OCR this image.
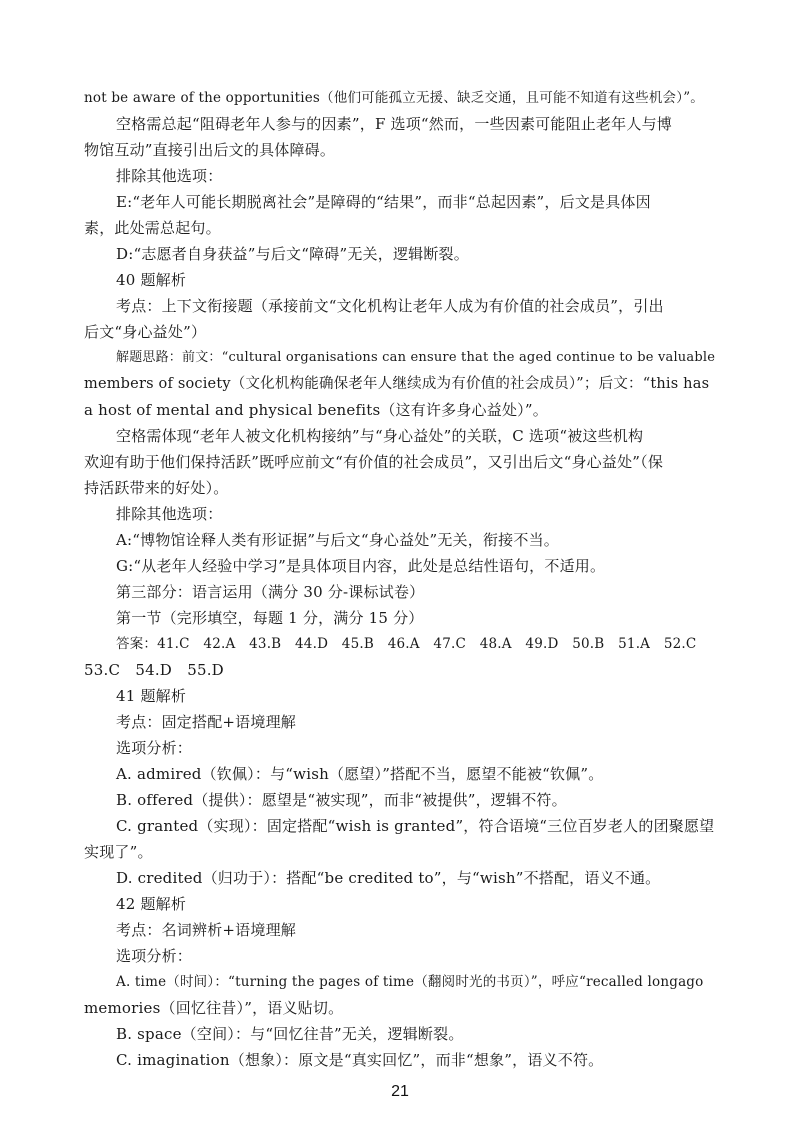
not be aware of the opportunities（他们可能孤立无援、缺乏交通，且可能不知道有这些机会）”。
空格需总起“阻碍老年人参与的因素”，F 选项“然而，一些因素可能阻止老年人与博
物馆互动”直接引出后文的具体障碍。
排除其他选项：
E:“老年人可能长期脱离社会”是障碍的“结果”，而非“总起因素”，后文是具体因
素，此处需总起句。
D:“志愿者自身获益”与后文“障碍”无关，逻辑断裂。
40 题解析
考点：上下文衔接题（承接前文“文化机构让老年人成为有价值的社会成员”，引出
后文“身心益处”）
解题思路：前文：“cultural organisations can ensure that the aged continue to be valuable
members of society（文化机构能确保老年人继续成为有价值的社会成员）”；后文：“this has
a host of mental and physical benefits（这有许多身心益处）”。
空格需体现“老年人被文化机构接纳”与“身心益处”的关联，C 选项“被这些机构
欢迎有助于他们保持活跃”既呼应前文“有价值的社会成员”，又引出后文“身心益处”（保
持活跃带来的好处）。
排除其他选项：
A:“博物馆诠释人类有形证据”与后文“身心益处”无关，衔接不当。
G:“从老年人经验中学习”是具体项目内容，此处是总结性语句，不适用。
第三部分：语言运用（满分 30 分-课标试卷）
第一节（完形填空，每题 1 分，满分 15 分）
答案：41.C　42.A　43.B　44.D　45.B　46.A　47.C　48.A　49.D　50.B　51.A　52.C
53.C　54.D　55.D
41 题解析
考点：固定搭配+语境理解
选项分析：
A. admired（钦佩）：与“wish（愿望）”搭配不当，愿望不能被“钦佩”。
B. offered（提供）：愿望是“被实现”，而非“被提供”，逻辑不符。
C. granted（实现）：固定搭配“wish is granted”，符合语境“三位百岁老人的团聚愿望
实现了”。
D. credited（归功于）：搭配“be credited to”，与“wish”不搭配，语义不通。
42 题解析
考点：名词辨析+语境理解
选项分析：
A. time（时间）：“turning the pages of time（翻阅时光的书页）”，呼应“recalled longago
memories（回忆往昔）”，语义贴切。
B. space（空间）：与“回忆往昔”无关，逻辑断裂。
C. imagination（想象）：原文是“真实回忆”，而非“想象”，语义不符。
21
